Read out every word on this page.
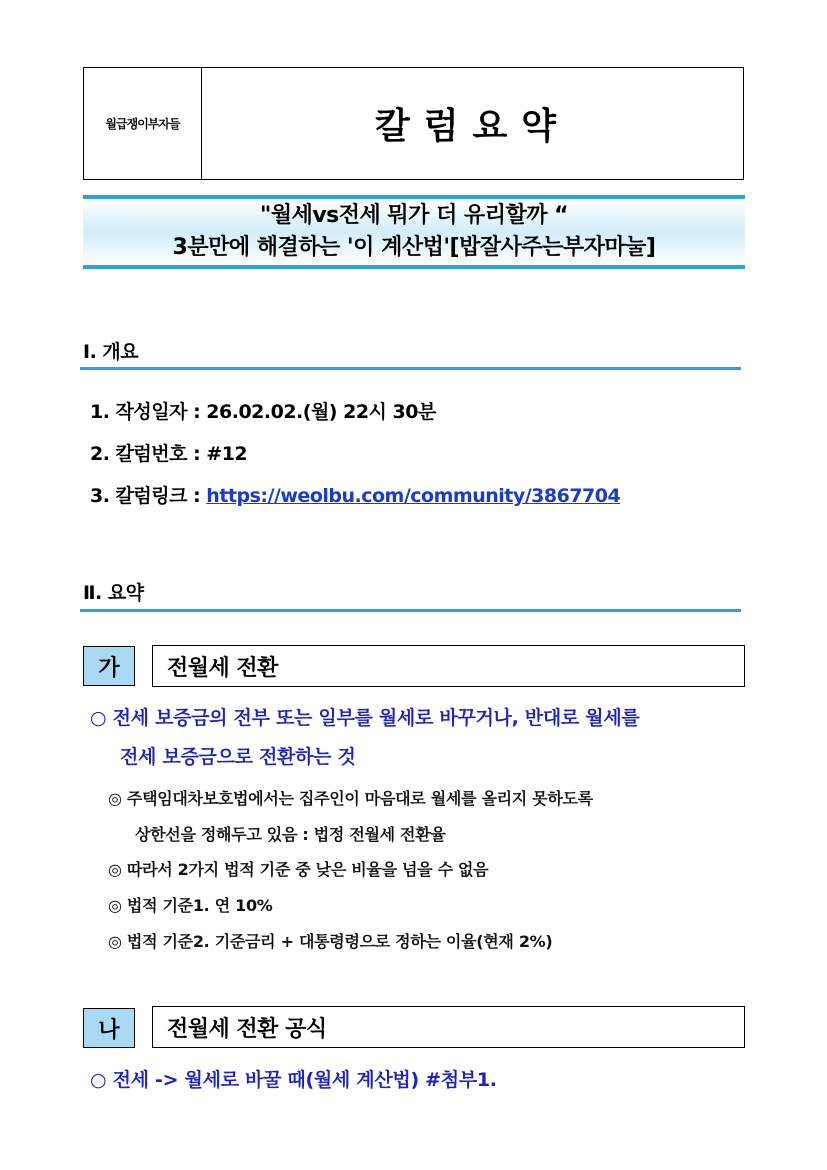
월급쟁이부자들	칼럼요약
"월세vs전세 뭐가 더 유리할까 “
3분만에 해결하는 '이 계산법'[밥잘사주는부자마눌]
Ⅰ. 개요
1. 작성일자 : 26.02.02.(월) 22시 30분
2. 칼럼번호 : #12
3. 칼럼링크 : https://weolbu.com/community/3867704
Ⅱ. 요약
가	전월세 전환
○ 전세 보증금의 전부 또는 일부를 월세로 바꾸거나, 반대로 월세를
전세 보증금으로 전환하는 것
◎ 주택임대차보호법에서는 집주인이 마음대로 월세를 올리지 못하도록
상한선을 정해두고 있음 : 법정 전월세 전환율
◎ 따라서 2가지 법적 기준 중 낮은 비율을 넘을 수 없음
◎ 법적 기준1. 연 10%
◎ 법적 기준2. 기준금리 + 대통령령으로 정하는 이율(현재 2%)
나	전월세 전환 공식
○ 전세 -> 월세로 바꿀 때(월세 계산법) #첨부1.
